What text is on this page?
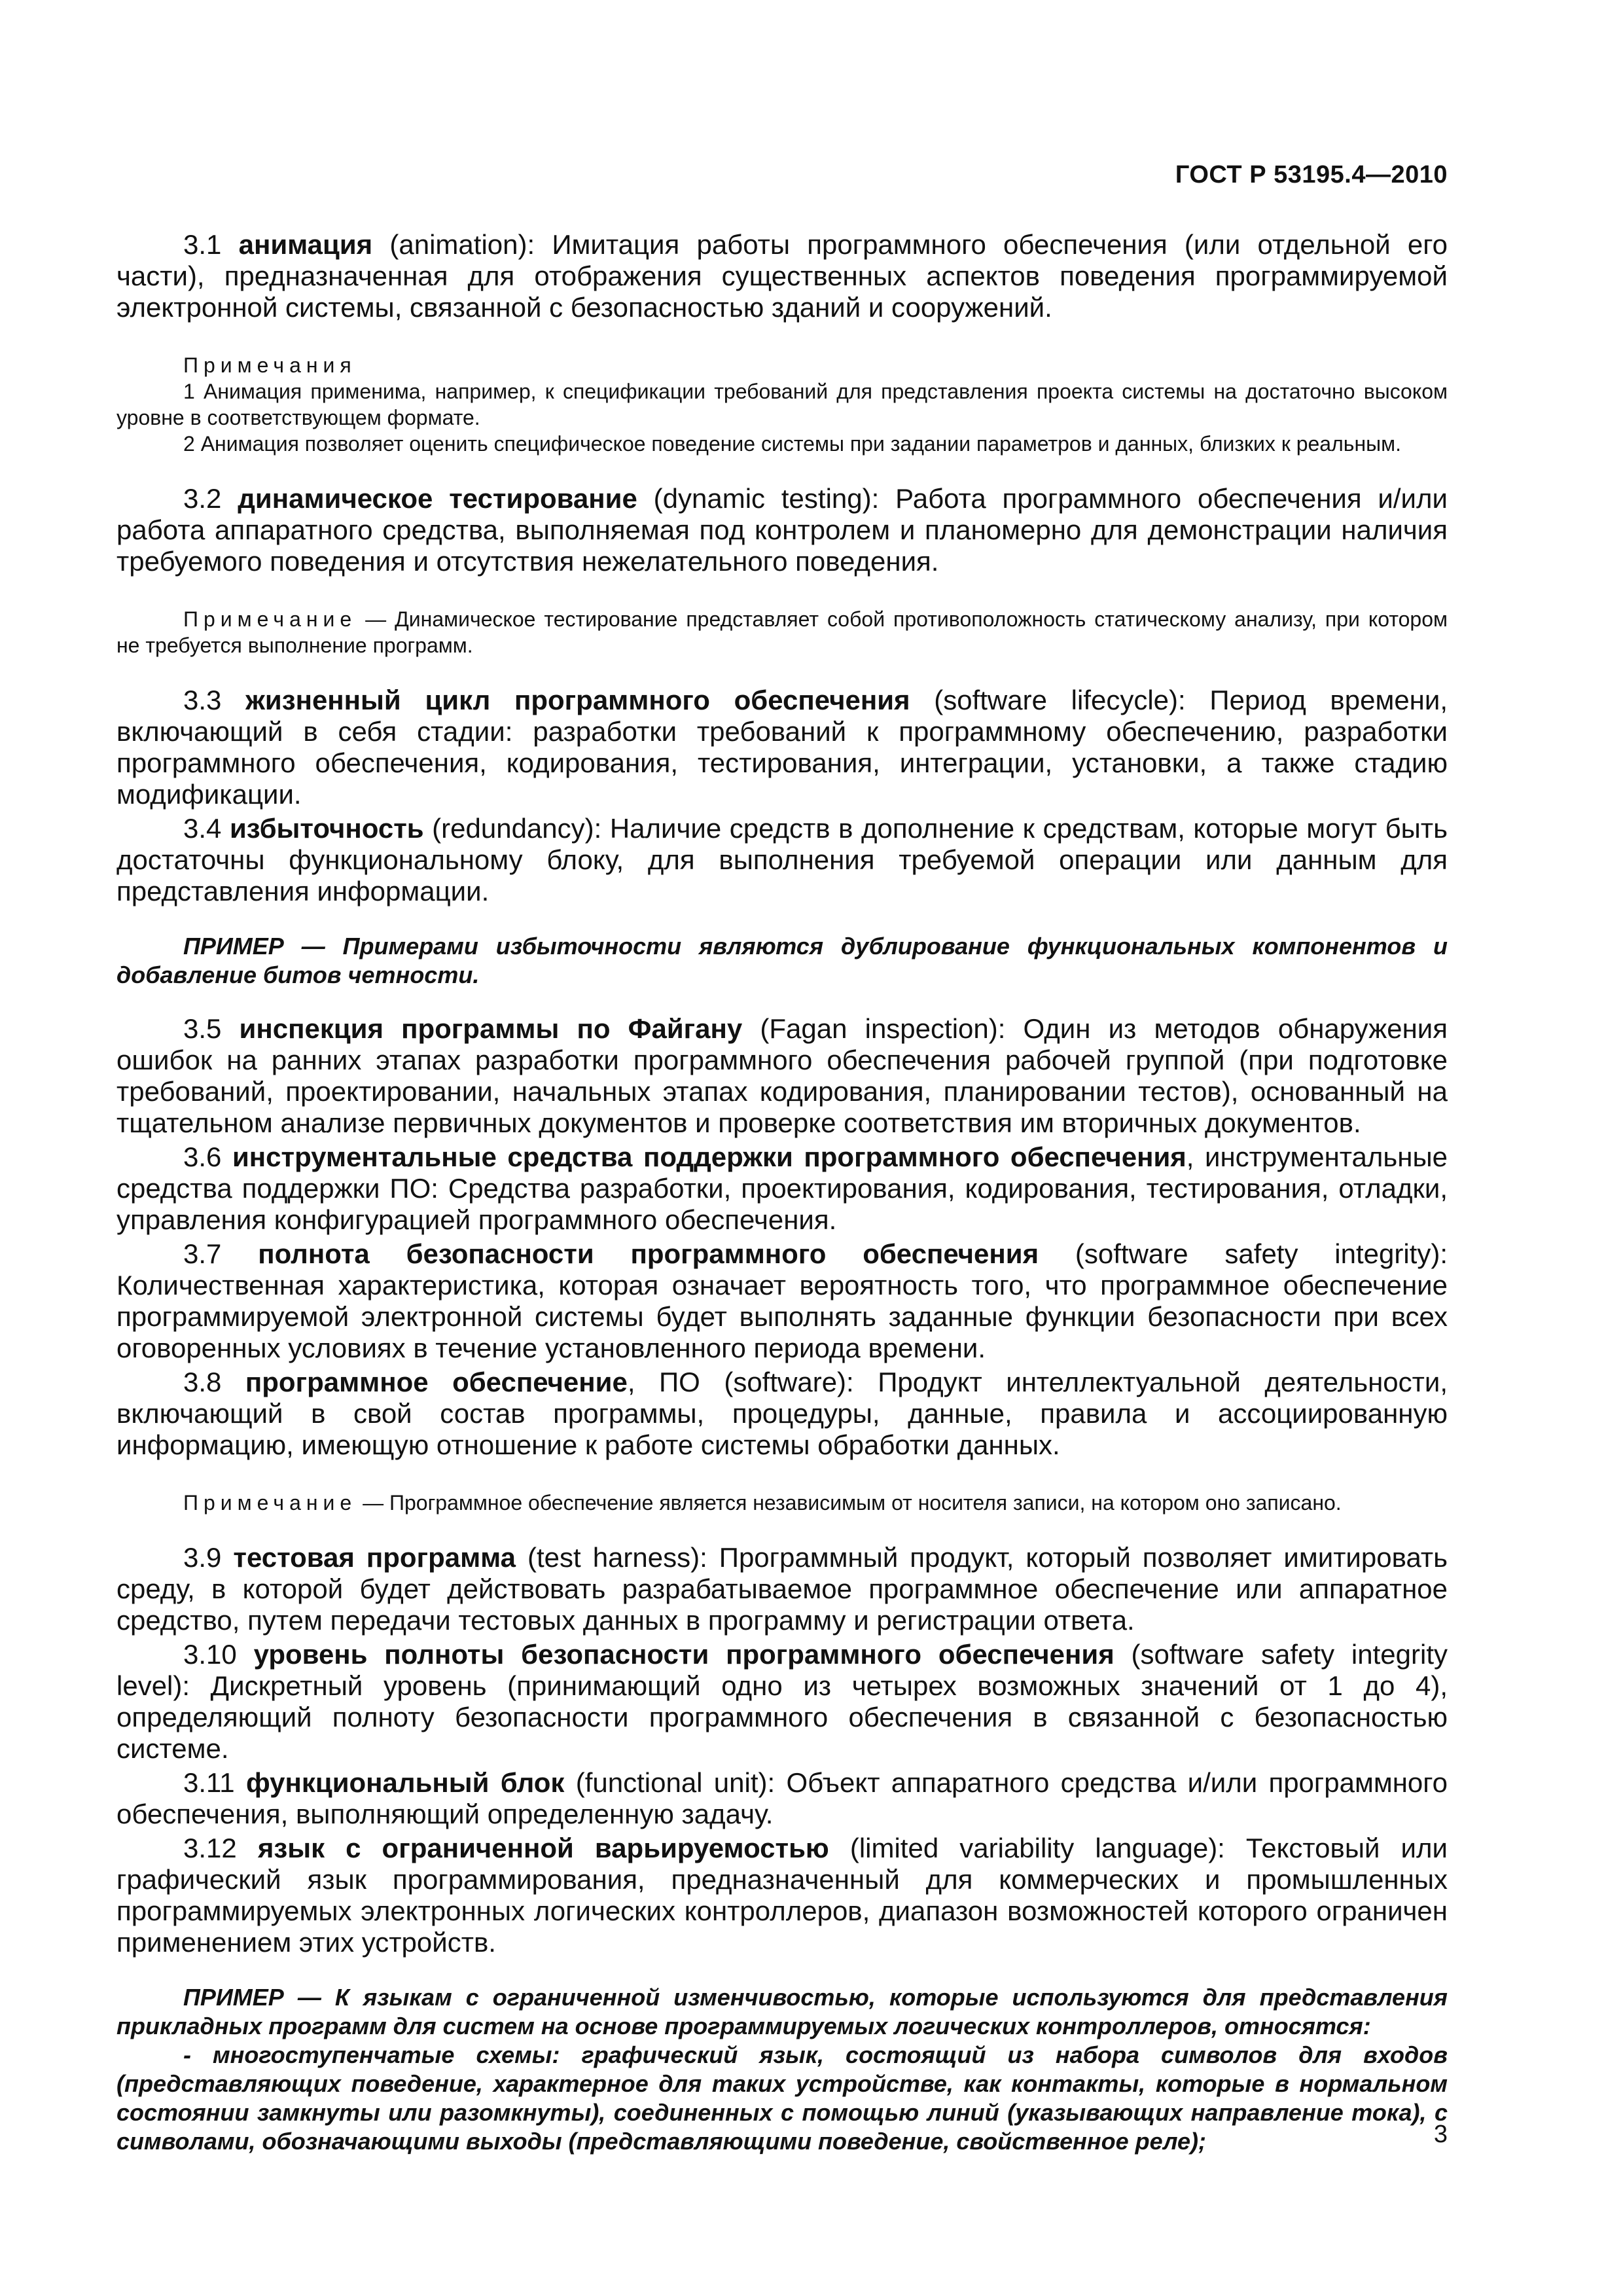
ГОСТ Р 53195.4—2010

3.1 анимация (animation): Имитация работы программного обеспечения (или отдельной его части), предназначенная для отображения существенных аспектов поведения программируемой электронной системы, связанной с безопасностью зданий и сооружений.

Примечания

1 Анимация применима, например, к спецификации требований для представления проекта системы на достаточно высоком уровне в соответствующем формате.

2 Анимация позволяет оценить специфическое поведение системы при задании параметров и данных, близких к реальным.

3.2 динамическое тестирование (dynamic testing): Работа программного обеспечения и/или работа аппаратного средства, выполняемая под контролем и планомерно для демонстрации наличия требуемого поведения и отсутствия нежелательного поведения.

Примечание — Динамическое тестирование представляет собой противоположность статическому анализу, при котором не требуется выполнение программ.

3.3 жизненный цикл программного обеспечения (software lifecycle): Период времени, включающий в себя стадии: разработки требований к программному обеспечению, разработки программного обеспечения, кодирования, тестирования, интеграции, установки, а также стадию модификации.

3.4 избыточность (redundancy): Наличие средств в дополнение к средствам, которые могут быть достаточны функциональному блоку, для выполнения требуемой операции или данным для представления информации.

ПРИМЕР — Примерами избыточности являются дублирование функциональных компонентов и добавление битов четности.

3.5 инспекция программы по Файгану (Fagan inspection): Один из методов обнаружения ошибок на ранних этапах разработки программного обеспечения рабочей группой (при подготовке требований, проектировании, начальных этапах кодирования, планировании тестов), основанный на тщательном анализе первичных документов и проверке соответствия им вторичных документов.

3.6 инструментальные средства поддержки программного обеспечения, инструментальные средства поддержки ПО: Средства разработки, проектирования, кодирования, тестирования, отладки, управления конфигурацией программного обеспечения.

3.7 полнота безопасности программного обеспечения (software safety integrity): Количественная характеристика, которая означает вероятность того, что программное обеспечение программируемой электронной системы будет выполнять заданные функции безопасности при всех оговоренных условиях в течение установленного периода времени.

3.8 программное обеспечение, ПО (software): Продукт интеллектуальной деятельности, включающий в свой состав программы, процедуры, данные, правила и ассоциированную информацию, имеющую отношение к работе системы обработки данных.

Примечание — Программное обеспечение является независимым от носителя записи, на котором оно записано.

3.9 тестовая программа (test harness): Программный продукт, который позволяет имитировать среду, в которой будет действовать разрабатываемое программное обеспечение или аппаратное средство, путем передачи тестовых данных в программу и регистрации ответа.

3.10 уровень полноты безопасности программного обеспечения (software safety integrity level): Дискретный уровень (принимающий одно из четырех возможных значений от 1 до 4), определяющий полноту безопасности программного обеспечения в связанной с безопасностью системе.

3.11 функциональный блок (functional unit): Объект аппаратного средства и/или программного обеспечения, выполняющий определенную задачу.

3.12 язык с ограниченной варьируемостью (limited variability language): Текстовый или графический язык программирования, предназначенный для коммерческих и промышленных программируемых электронных логических контроллеров, диапазон возможностей которого ограничен применением этих устройств.

ПРИМЕР — К языкам с ограниченной изменчивостью, которые используются для представления прикладных программ для систем на основе программируемых логических контроллеров, относятся:

- многоступенчатые схемы: графический язык, состоящий из набора символов для входов (представляющих поведение, характерное для таких устройстве, как контакты, которые в нормальном состоянии замкнуты или разомкнуты), соединенных с помощью линий (указывающих направление тока), с символами, обозначающими выходы (представляющими поведение, свойственное реле);	3
